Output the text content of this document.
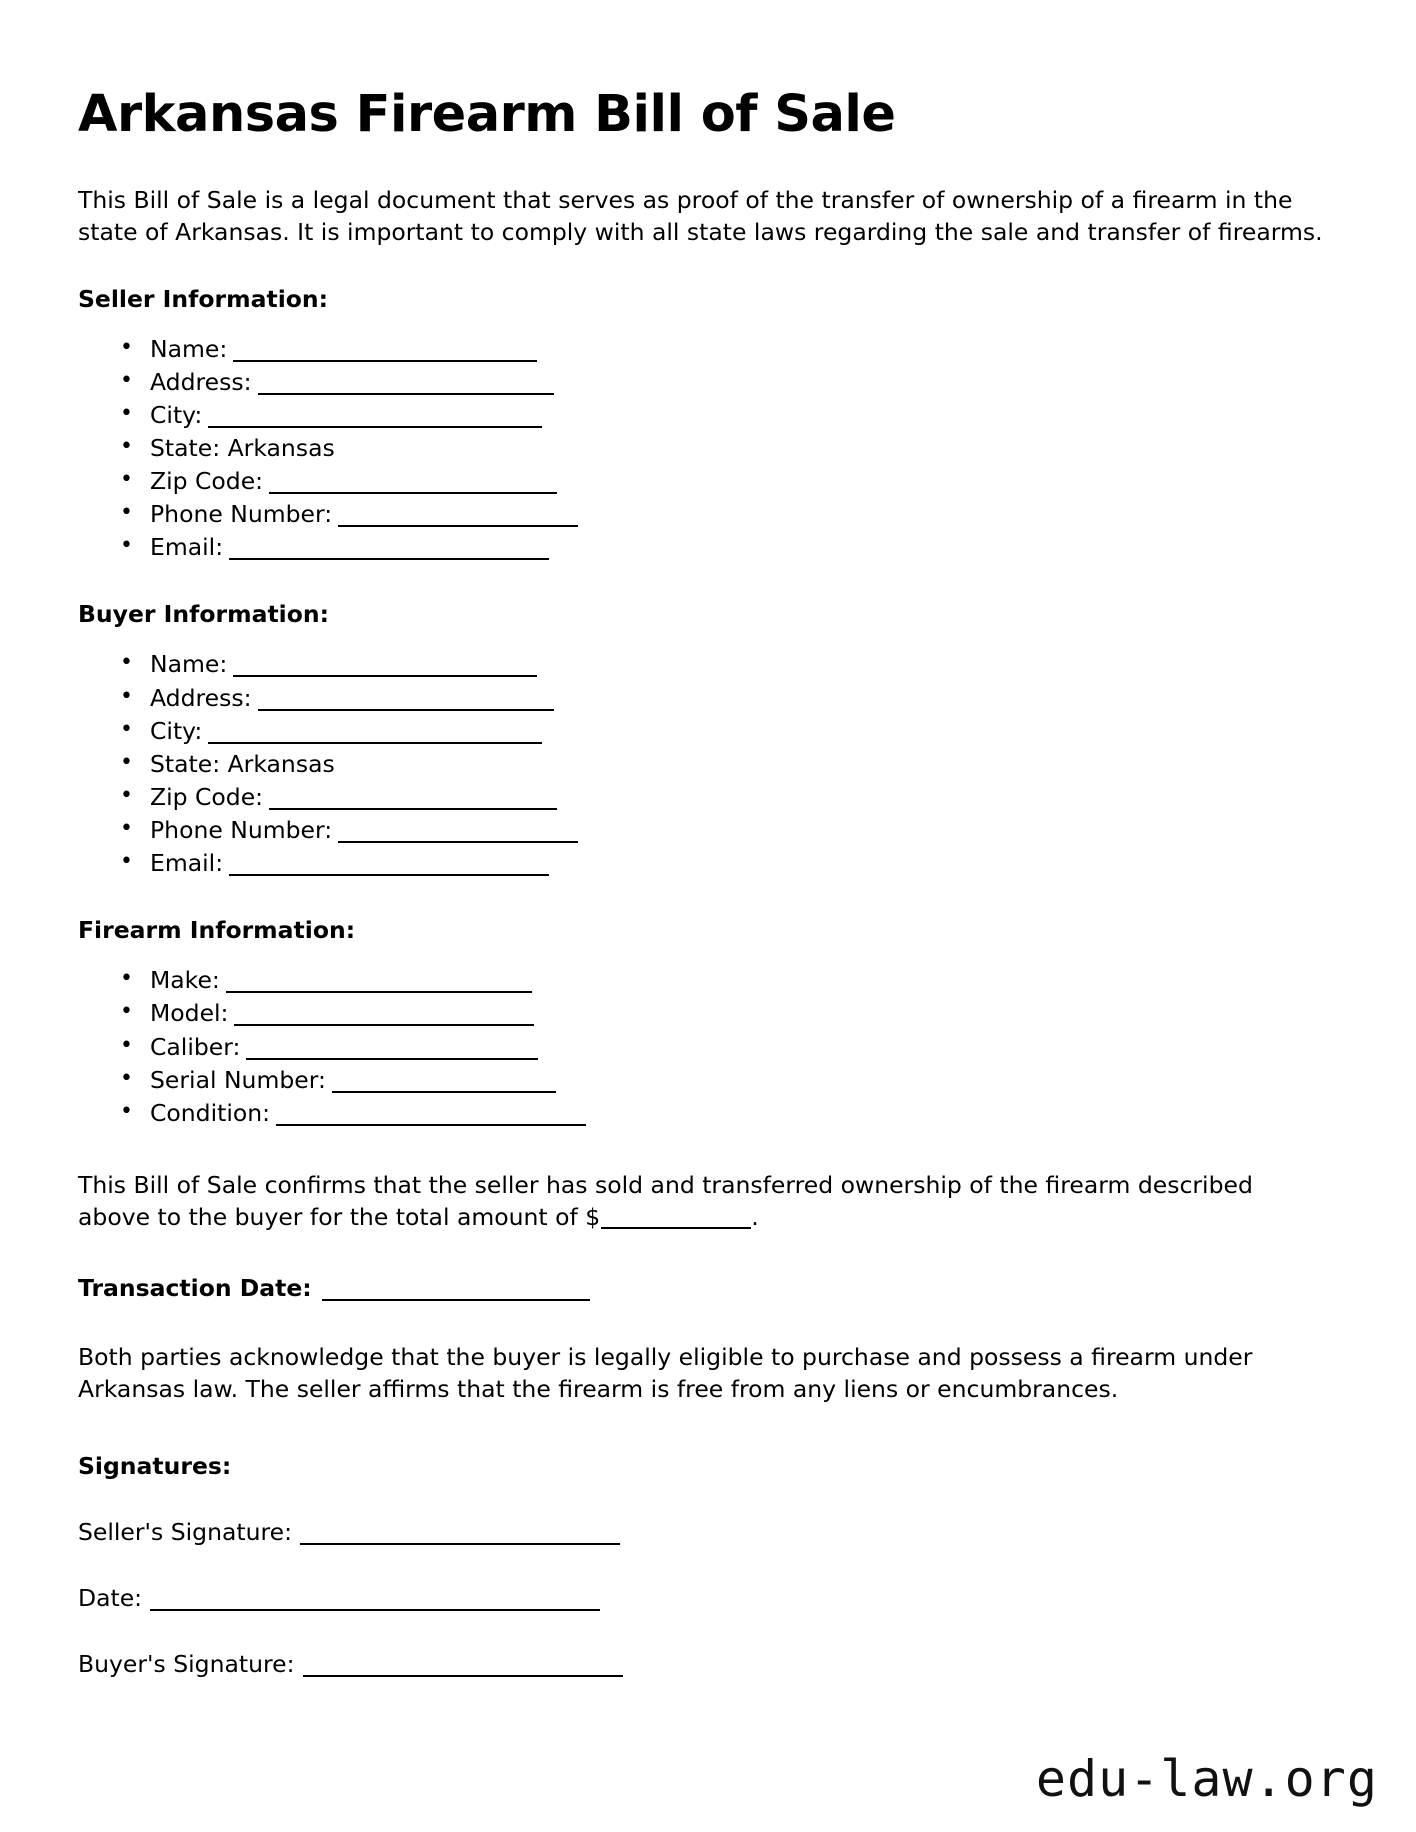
Arkansas Firearm Bill of Sale

This Bill of Sale is a legal document that serves as proof of the transfer of ownership of a firearm in the state of Arkansas. It is important to comply with all state laws regarding the sale and transfer of firearms.

Seller Information:
• Name:
• Address:
• City:
• State: Arkansas
• Zip Code:
• Phone Number:
• Email:
Buyer Information:
• Name:
• Address:
• City:
• State: Arkansas
• Zip Code:
• Phone Number:
• Email:
Firearm Information:
• Make:
• Model:
• Caliber:
• Serial Number:
• Condition:

This Bill of Sale confirms that the seller has sold and transferred ownership of the firearm described above to the buyer for the total amount of $	.

Transaction Date:

Both parties acknowledge that the buyer is legally eligible to purchase and possess a firearm under Arkansas law. The seller affirms that the firearm is free from any liens or encumbrances.

Signatures:

Seller's Signature:

Date:

Buyer's Signature:

edu-law.org
